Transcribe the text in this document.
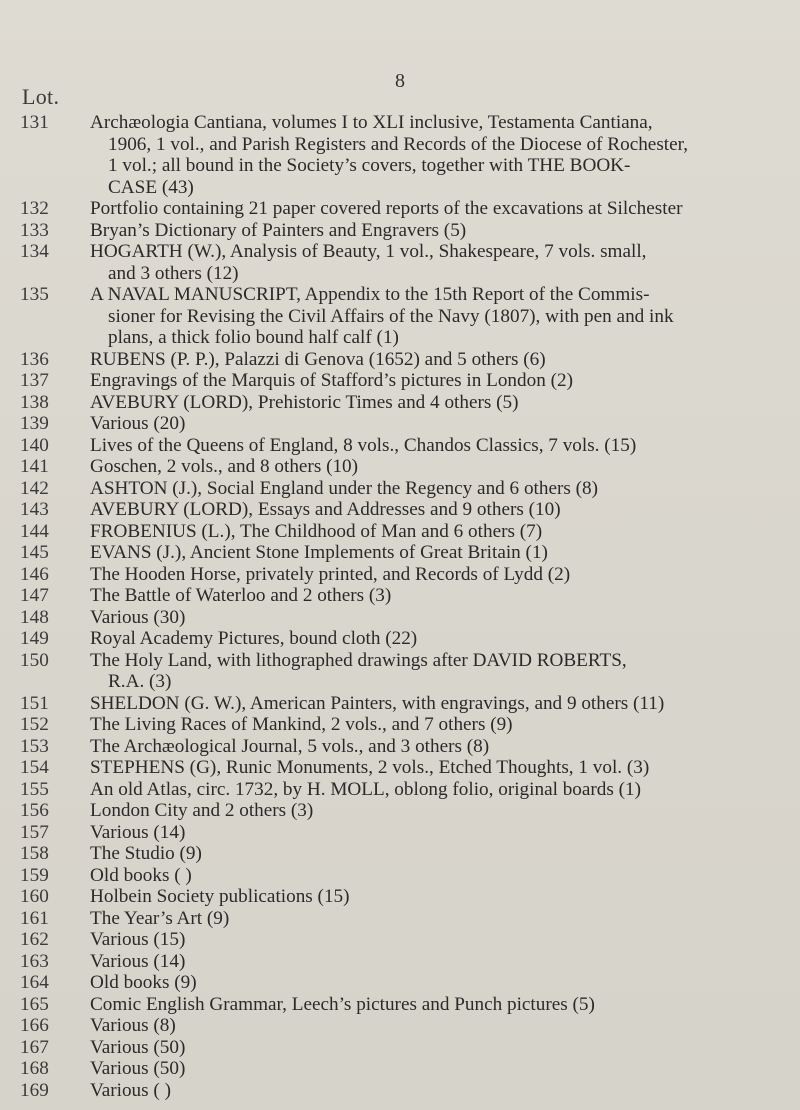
8
Lot.
131	Archæologia Cantiana, volumes I to XLI inclusive, Testamenta Cantiana,
1906, 1 vol., and Parish Registers and Records of the Diocese of Rochester,
1 vol.; all bound in the Society’s covers, together with THE BOOK-
CASE (43)
132	Portfolio containing 21 paper covered reports of the excavations at Silchester
133	Bryan’s Dictionary of Painters and Engravers (5)
134	HOGARTH (W.), Analysis of Beauty, 1 vol., Shakespeare, 7 vols. small,
and 3 others (12)
135	A NAVAL MANUSCRIPT, Appendix to the 15th Report of the Commis-
sioner for Revising the Civil Affairs of the Navy (1807), with pen and ink
plans, a thick folio bound half calf (1)
136	RUBENS (P. P.), Palazzi di Genova (1652) and 5 others (6)
137	Engravings of the Marquis of Stafford’s pictures in London (2)
138	AVEBURY (LORD), Prehistoric Times and 4 others (5)
139	Various (20)
140	Lives of the Queens of England, 8 vols., Chandos Classics, 7 vols. (15)
141	Goschen, 2 vols., and 8 others (10)
142	ASHTON (J.), Social England under the Regency and 6 others (8)
143	AVEBURY (LORD), Essays and Addresses and 9 others (10)
144	FROBENIUS (L.), The Childhood of Man and 6 others (7)
145	EVANS (J.), Ancient Stone Implements of Great Britain (1)
146	The Hooden Horse, privately printed, and Records of Lydd (2)
147	The Battle of Waterloo and 2 others (3)
148	Various (30)
149	Royal Academy Pictures, bound cloth (22)
150	The Holy Land, with lithographed drawings after DAVID ROBERTS,
R.A. (3)
151	SHELDON (G. W.), American Painters, with engravings, and 9 others (11)
152	The Living Races of Mankind, 2 vols., and 7 others (9)
153	The Archæological Journal, 5 vols., and 3 others (8)
154	STEPHENS (G), Runic Monuments, 2 vols., Etched Thoughts, 1 vol. (3)
155	An old Atlas, circ. 1732, by H. MOLL, oblong folio, original boards (1)
156	London City and 2 others (3)
157	Various (14)
158	The Studio (9)
159	Old books ( )
160	Holbein Society publications (15)
161	The Year’s Art (9)
162	Various (15)
163	Various (14)
164	Old books (9)
165	Comic English Grammar, Leech’s pictures and Punch pictures (5)
166	Various (8)
167	Various (50)
168	Various (50)
169	Various ( )
